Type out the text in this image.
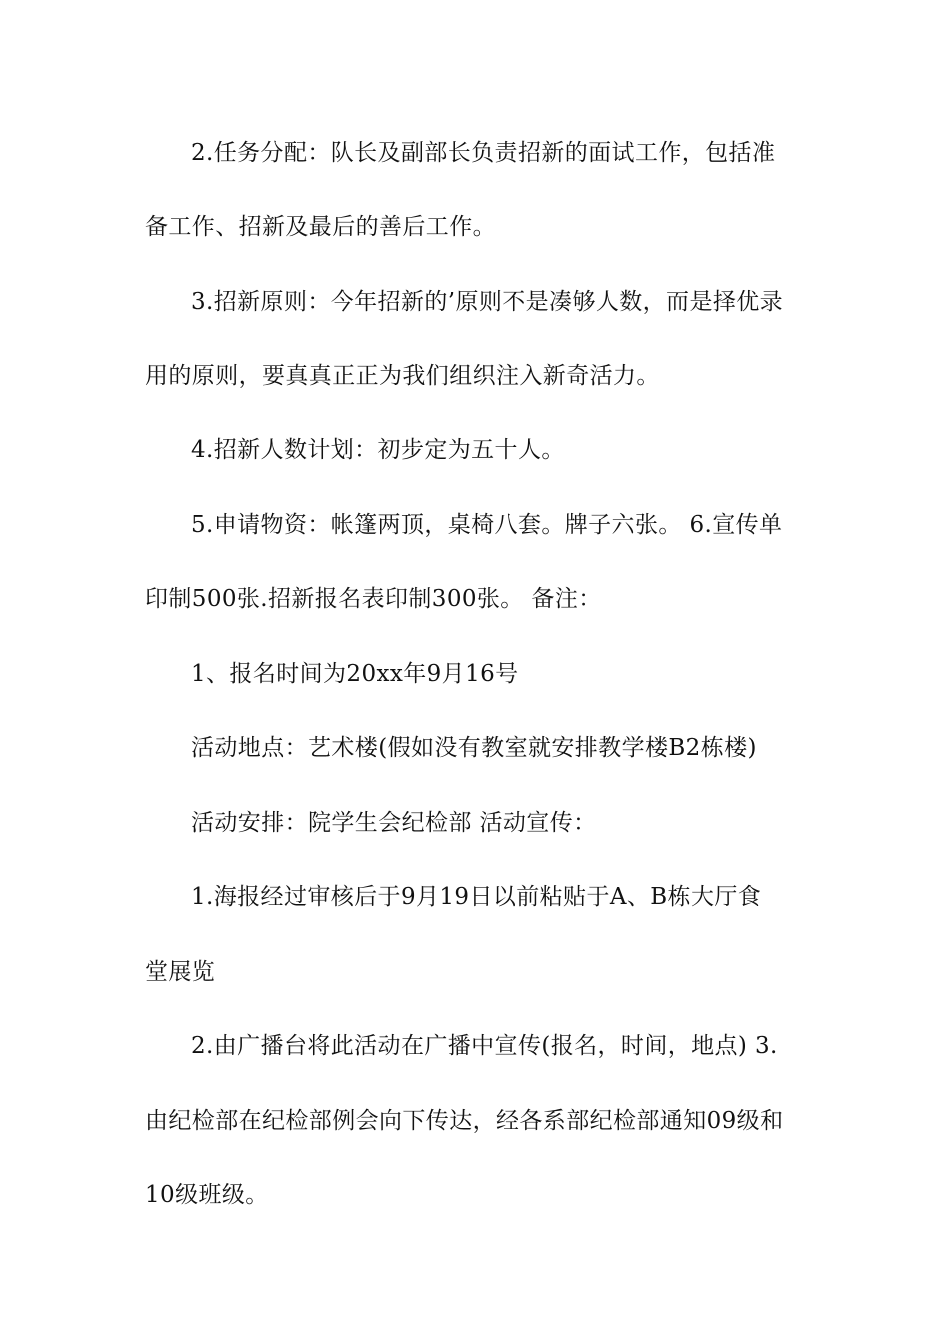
2.任务分配：队长及副部长负责招新的面试工作，包括准
备工作、招新及最后的善后工作。
3.招新原则：今年招新的’原则不是凑够人数，而是择优录
用的原则，要真真正正为我们组织注入新奇活力。
4.招新人数计划：初步定为五十人。
5.申请物资：帐篷两顶，桌椅八套。牌子六张。 6.宣传单
印制500张.招新报名表印制300张。 备注：
1、报名时间为20xx年9月16号
活动地点：艺术楼(假如没有教室就安排教学楼B2栋楼)
活动安排：院学生会纪检部 活动宣传：
1.海报经过审核后于9月19日以前粘贴于A、B栋大厅食
堂展览
2.由广播台将此活动在广播中宣传(报名，时间，地点) 3.
由纪检部在纪检部例会向下传达，经各系部纪检部通知09级和
10级班级。
